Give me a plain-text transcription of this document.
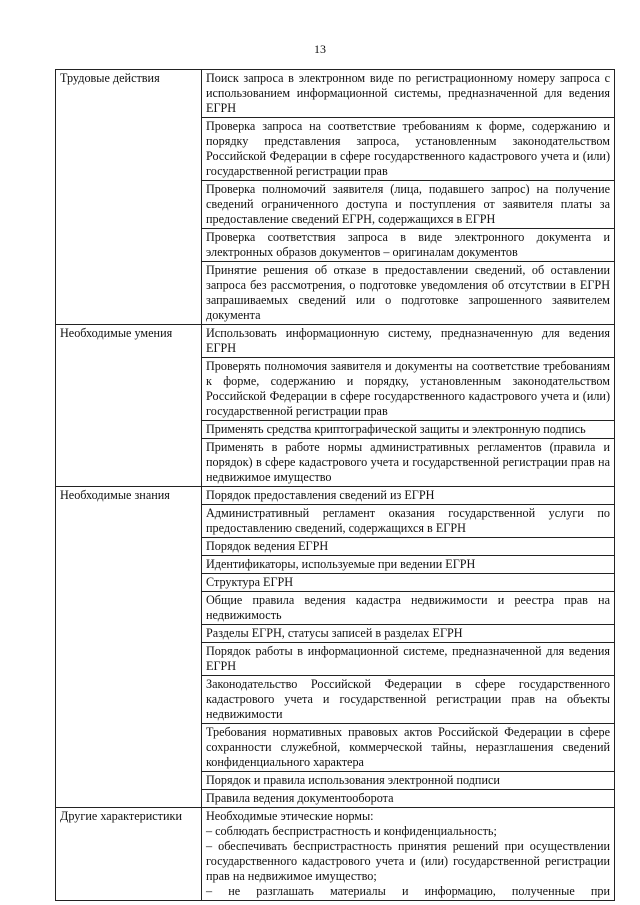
13
Трудовые действия	Поиск запроса в электронном виде по регистрационному номеру запроса с использованием информационной системы, предназначенной для ведения ЕГРН
	Проверка запроса на соответствие требованиям к форме, содержанию и порядку представления запроса, установленным законодательством Российской Федерации в сфере государственного кадастрового учета и (или) государственной регистрации прав
	Проверка полномочий заявителя (лица, подавшего запрос) на получение сведений ограниченного доступа и поступления от заявителя платы за предоставление сведений ЕГРН, содержащихся в ЕГРН
	Проверка соответствия запроса в виде электронного документа и электронных образов документов – оригиналам документов
	Принятие решения об отказе в предоставлении сведений, об оставлении запроса без рассмотрения, о подготовке уведомления об отсутствии в ЕГРН запрашиваемых сведений или о подготовке запрошенного заявителем документа
Необходимые умения	Использовать информационную систему, предназначенную для ведения ЕГРН
	Проверять полномочия заявителя и документы на соответствие требованиям к форме, содержанию и порядку, установленным законодательством Российской Федерации в сфере государственного кадастрового учета и (или) государственной регистрации прав
	Применять средства криптографической защиты и электронную подпись
	Применять в работе нормы административных регламентов (правила и порядок) в сфере кадастрового учета и государственной регистрации прав на недвижимое имущество
Необходимые знания	Порядок предоставления сведений из ЕГРН
	Административный регламент оказания государственной услуги по предоставлению сведений, содержащихся в ЕГРН
	Порядок ведения ЕГРН
	Идентификаторы, используемые при ведении ЕГРН
	Структура ЕГРН
	Общие правила ведения кадастра недвижимости и реестра прав на недвижимость
	Разделы ЕГРН, статусы записей в разделах ЕГРН
	Порядок работы в информационной системе, предназначенной для ведения ЕГРН
	Законодательство Российской Федерации в сфере государственного кадастрового учета и государственной регистрации прав на объекты недвижимости
	Требования нормативных правовых актов Российской Федерации в сфере сохранности служебной, коммерческой тайны, неразглашения сведений конфиденциального характера
	Порядок и правила использования электронной подписи
	Правила ведения документооборота
Другие характеристики	Необходимые этические нормы:
– соблюдать беспристрастность и конфиденциальность;
– обеспечивать беспристрастность принятия решений при осуществлении государственного кадастрового учета и (или) государственной регистрации прав на недвижимое имущество;
– не разглашать материалы и информацию, полученные при
